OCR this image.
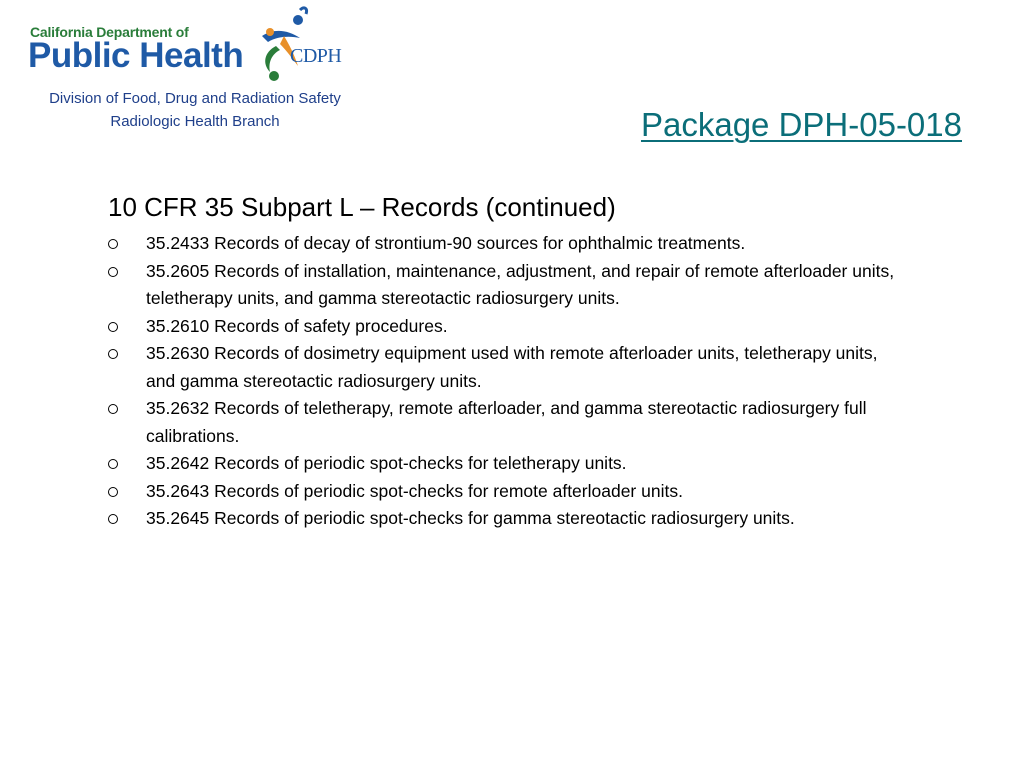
California Department of
Public Health CDPH
Division of Food, Drug and Radiation Safety
Radiologic Health Branch	Package DPH-05-018
10 CFR 35 Subpart L – Records (continued)
35.2433 Records of decay of strontium-90 sources for ophthalmic treatments.
35.2605 Records of installation, maintenance, adjustment, and repair of remote afterloader units, teletherapy units, and gamma stereotactic radiosurgery units.
35.2610 Records of safety procedures.
35.2630 Records of dosimetry equipment used with remote afterloader units, teletherapy units, and gamma stereotactic radiosurgery units.
35.2632 Records of teletherapy, remote afterloader, and gamma stereotactic radiosurgery full calibrations.
35.2642 Records of periodic spot-checks for teletherapy units.
35.2643 Records of periodic spot-checks for remote afterloader units.
35.2645 Records of periodic spot-checks for gamma stereotactic radiosurgery units.
